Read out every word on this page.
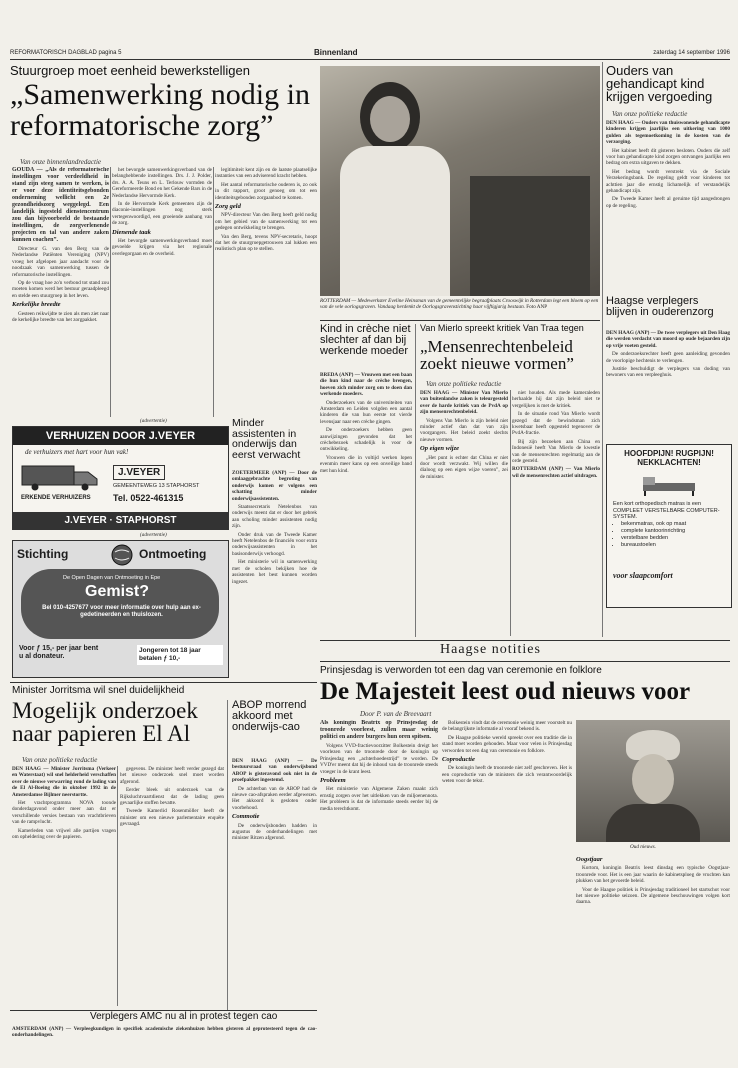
REFORMATORISCH DAGBLAD pagina 5	Binnenland	zaterdag 14 september 1996
Stuurgroep moet eenheid bewerkstelligen
„Samenwerking nodig in reformatorische zorg”
Van onze binnenlandredactie

GOUDA — „Als de reformatorische instellingen voor verdeeldheid in stand zijn steeg samen te werken, is er voor deze identiteitsgebonden onderneming wellicht een 2e gezondheidszorg weggelegd. Een landelijk ingesteld dienstencentrum zou dan bijvoorbeeld de bestaande instellingen, de zorgverlenende projecten en tal van andere zaken kunnen coachen”.

Directeur G. van den Berg van de Nederlandse Patiënten Vereniging (NPV) vroeg het afgelopen jaar aandacht voor de noodzaak van samenwerking tussen de reformatorische instellingen.

Op de vraag hoe zo'n verbond tot stand zou moeten komen werd het bestuur geraadpleegd en stelde een stuurgroep in het leven.

Kerkelijke breedte

Gesteen reikwijdte te zien als men ziet naar de kerkelijke breedte van het zorgpakket.

het bevorgde samenwerkingsverband van de belanghebbende instellingen. Drs. J. J. Polder, drs. A. A. Teuns en L. Terlouw vormden de Gereformeerde Bond en het Gekende Bars in de Nederlandse Hervormde Kerk.

In de Hervormde Kerk gemeenten zijn de diaconie-instellingen nog sterk vertegenwoordigd, een groeiende aanhang van de zorg.

Dienende taak

Het bevorgde samenwerkingsverband moet gevoelde krijgen via het regionale overlegorgaan en de overheid.

legitimiteit kent zijn en de laatste plaatselijke instanties van een adviserend kracht hebben.

Het aantal reformatorische ouderen is, zo ook in dit rapport, groot genoeg om tot een identiteitsgebonden zorgaanbod te komen.

Zorg geld

NPV-directeur Van den Berg heeft geld nodig om het gebied van de samenwerking tot een gedegen ontwikkeling te brengen.

Van den Berg, tevens NPV-secretaris, hoopt dat het de stuurgroepgetrouwen zal lukken een realistisch plan op te stellen.

(advertentie)
VERHUIZEN DOOR J.VEYER
de verhuizers met hart voor hun vak!
ERKENDE VERHUIZERS
J.VEYER
GEMEENTEWEG 13 STAPHORST
Tel. 0522-461315
J.VEYER · STAPHORST
(advertentie)
Stichting	Ontmoeting
De Open Dagen van Ontmoeting in Epe
Gemist?
Bel 010-4257677 voor meer informatie over hulp aan ex-gedetineerden en thuislozen.
Voor ƒ 15,- per jaar bent u al donateur.
Jongeren tot 18 jaar betalen ƒ 10,-
ROTTERDAM — Medewerkster Eveline Heinsman van de gemeentelijke begraafplaats Crooswijk in Rotterdam legt een bloem op een van de vele oorlogsgraven. Vandaag herdenkt de Oorlogsgravenstichting haar vijftigjarig bestaan. Foto ANP
Ouders van gehandicapt kind krijgen vergoeding
Van onze politieke redactie

DEN HAAG — Ouders van thuiswonende gehandicapte kinderen krijgen jaarlijks een uitkering van 1000 gulden als tegemoetkoming in de kosten van de verzorging.

Het kabinet heeft dit gisteren besloten. Ouders die zelf voor hun gehandicapte kind zorgen ontvangen jaarlijks een bedrag om extra uitgaven te dekken.

Het bedrag wordt verstrekt via de Sociale Verzekeringsbank. De regeling geldt voor kinderen tot achttien jaar die ernstig lichamelijk of verstandelijk gehandicapt zijn.

De Tweede Kamer heeft al geruime tijd aangedrongen op de regeling.

Haagse verplegers blijven in ouderenzorg

DEN HAAG (ANP) — De twee verplegers uit Den Haag die werden verdacht van moord op oude bejaarden zijn op vrije voeten gesteld.

De onderzoeksrechter heeft geen aanleiding gevonden de voorlopige hechtenis te verlengen.

Justitie beschuldigt de verplegers van doding van bewoners van een verpleeghuis.

HOOFDPIJN! RUGPIJN! NEKKLACHTEN!
Een kort orthopedisch matras is een COMPLEET VERSTELBARE COMPUTER-SYSTEM.
• bekenmatras, ook op maat
• complete kantoorinrichting
• verstelbare bedden
• bureaustoelen
voor slaapcomfort
Kind in crèche niet slechter af dan bij werkende moeder

BREDA (ANP) — Vrouwen met een baan die hun kind naar de crèche brengen, hoeven zich minder zorg om te doen dan werkende moeders.

Onderzoekers van de universiteiten van Amsterdam en Leiden volgden een aantal kinderen die van hun eerste tot vierde levensjaar naar een crèche gingen.

De onderzoekers hebben geen aanwijzingen gevonden dat het crèchebezoek schadelijk is voor de ontwikkeling.

Vrouwen die in voltijd werken lopen evenmin meer kans op een onveilige band met hun kind.

Van Mierlo spreekt kritiek Van Traa tegen
„Mensenrechtenbeleid zoekt nieuwe vormen”
Van onze politieke redactie

DEN HAAG — Minister Van Mierlo van buitenlandse zaken is teleurgesteld over de harde kritiek van de PvdA op zijn mensenrechtenbeleid.

Volgens Van Mierlo is zijn beleid niet minder actief dan dat van zijn voorgangers. Het beleid zoekt slechts nieuwe vormen.

Op eigen wijze

„Het punt is echter dat China er niet door wordt verzwakt. Wij willen die dialoog op een eigen wijze voeren”, zei de minister.

niet houden. Als mede kameraleden herhaalde hij dat zijn beleid niet te vergelijken is met de kritiek.

In de situatie rond Van Mierlo wordt gezegd dat de bewindsman zich kwetsbaar heeft opgesteld tegenover de PvdA-fractie.

Bij zijn bezoeken aan China en Indonesië heeft Van Mierlo de kwestie van de mensenrechten regelmatig aan de orde gesteld.

ROTTERDAM (ANP) — Van Mierlo wil de mensenrechten actief uitdragen.

Minder assistenten in onderwijs dan eerst verwacht

ZOETERMEER (ANP) — Door de omlaaggebrachte begroting van onderwijs komen er volgens een schatting minder onderwijsassistenten.

Staatssecretaris Netelenbos van onderwijs meent dat er door het gebrek aan scholing minder assistenten nodig zijn.

Onder druk van de Tweede Kamer heeft Netelenbos de financiën voor extra onderwijsassistenten in het basisonderwijs verhoogd.

Het ministerie wil in samenwerking met de scholen bekijken hoe de assistenten het best kunnen worden ingezet.

Haagse notities
Prinsjesdag is verworden tot een dag van ceremonie en folklore
De Majesteit leest oud nieuws voor
Door P. van de Breevaart

Als koningin Beatrix op Prinsjesdag de troonrede voorleest, zullen maar weinig politici en andere burgers hun oren spitsen.

Volgens VVD-fractievoorzitter Bolkestein dreigt het voorlezen van de troonrede door de koningin op Prinsjesdag een „achterhoedestrijd” te worden. De VVD'er meent dat hij de inhoud van de troonrede steeds vroeger in de krant leest.

Probleem

Het ministerie van Algemene Zaken maakt zich ernstig zorgen over het uitlekken van de miljoenennota. Het probleem is dat de informatie steeds eerder bij de media terechtkomt.

Bolkestein vindt dat de ceremonie weinig meer voorstelt nu de belangrijkste informatie al vooraf bekend is.

De Haagse politieke wereld spreekt over een traditie die in stand moet worden gehouden. Maar voor velen is Prinsjesdag verworden tot een dag van ceremonie en folklore.

Coproductie

De koningin heeft de troonrede niet zelf geschreven. Het is een coproductie van de ministers die zich verantwoordelijk weten voor de tekst.

Oud nieuws.
Oogstjaar

Kortom, koningin Beatrix leest dinsdag een typische Oogstjaar-troonrede voor. Het is een jaar waarin de kabinetsploeg de vruchten kan plukken van het gevoerde beleid.

Voor de Haagse politiek is Prinsjesdag traditioneel het startschot voor het nieuwe politieke seizoen. De algemene beschouwingen volgen kort daarna.

Minister Jorritsma wil snel duidelijkheid
Mogelijk onderzoek naar papieren El Al
Van onze politieke redactie

DEN HAAG — Minister Jorritsma (Verkeer en Waterstaat) wil snel helderheid verschaffen over de nieuwe verwarring rond de lading van de El Al-Boeing die in oktober 1992 in de Amsterdamse Bijlmer neerstortte.

Het vrachtprogramma NOVA toonde donderdagavond onder meer aan dat er verschillende versies bestaan van vrachtbrieven van de rampvlucht.

Kamerleden van vrijwel alle partijen vragen om opheldering over de papieren.

gegevens. De minister heeft verder gezegd dat het nieuwe onderzoek snel moet worden afgerond.

Eerder bleek uit onderzoek van de Rijksluchtvaartdienst dat de lading geen gevaarlijke stoffen bevatte.

Tweede Kamerlid Rosenmöller heeft de minister om een nieuwe parlementaire enquête gevraagd.

ABOP morrend akkoord met onderwijs-cao

DEN HAAG (ANP) — De bestuursraad van onderwijsbond ABOP is gisteravond ook niet in de proefpakket ingestemd.

De achterban van de ABOP had de nieuwe cao-afspraken eerder afgewezen. Het akkoord is gesloten onder voorbehoud.

Commotie

De onderwijsbonden hadden in augustus de onderhandelingen met minister Ritzen afgerond.

Verplegers AMC nu al in protest tegen cao

AMSTERDAM (ANP) — Verpleegkundigen in specifiek academische ziekenhuizen hebben gisteren al geprotesteerd tegen de cao-onderhandelingen.
